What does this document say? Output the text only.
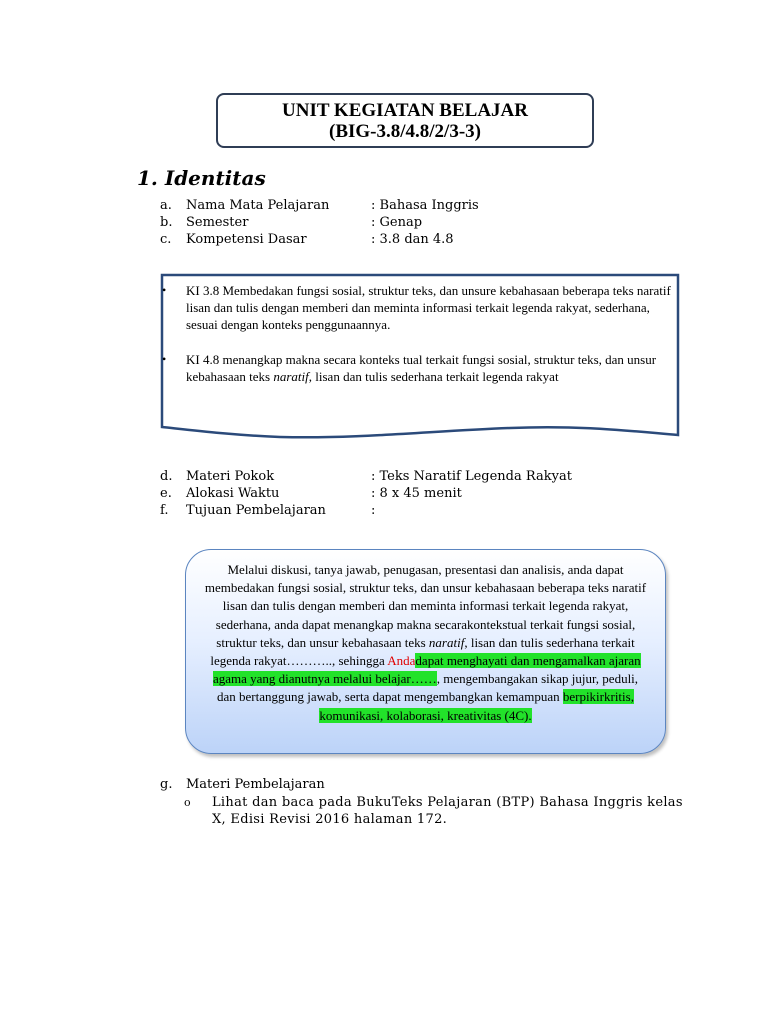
UNIT KEGIATAN BELAJAR
(BIG-3.8/4.8/2/3-3)
1. Identitas
a. Nama Mata Pelajaran	: Bahasa Inggris
b. Semester	: Genap
c. Kompetensi Dasar	: 3.8 dan 4.8
• KI 3.8 Membedakan fungsi sosial, struktur teks, dan unsure kebahasaan beberapa teks naratif lisan dan tulis dengan memberi dan meminta informasi terkait legenda rakyat, sederhana, sesuai dengan konteks penggunaannya.
• KI 4.8 menangkap makna secara konteks tual terkait fungsi sosial, struktur teks, dan unsur kebahasaan teks naratif, lisan dan tulis sederhana terkait legenda rakyat
d. Materi Pokok	: Teks Naratif Legenda Rakyat
e. Alokasi Waktu	: 8 x 45 menit
f. Tujuan Pembelajaran	:
Melalui diskusi, tanya jawab, penugasan, presentasi dan analisis, anda dapat membedakan fungsi sosial, struktur teks, dan unsur kebahasaan beberapa teks naratif lisan dan tulis dengan memberi dan meminta informasi terkait legenda rakyat, sederhana, anda dapat menangkap makna secarakontekstual terkait fungsi sosial, struktur teks, dan unsur kebahasaan teks naratif, lisan dan tulis sederhana terkait legenda rakyat……….., sehingga Andadapat menghayati dan mengamalkan ajaran agama yang dianutnya melalui belajar……, mengembangakan sikap jujur, peduli, dan bertanggung jawab, serta dapat mengembangkan kemampuan berpikirkritis, komunikasi, kolaborasi, kreativitas (4C).
g. Materi Pembelajaran
o Lihat dan baca pada BukuTeks Pelajaran (BTP) Bahasa Inggris kelas X, Edisi Revisi 2016 halaman 172.
